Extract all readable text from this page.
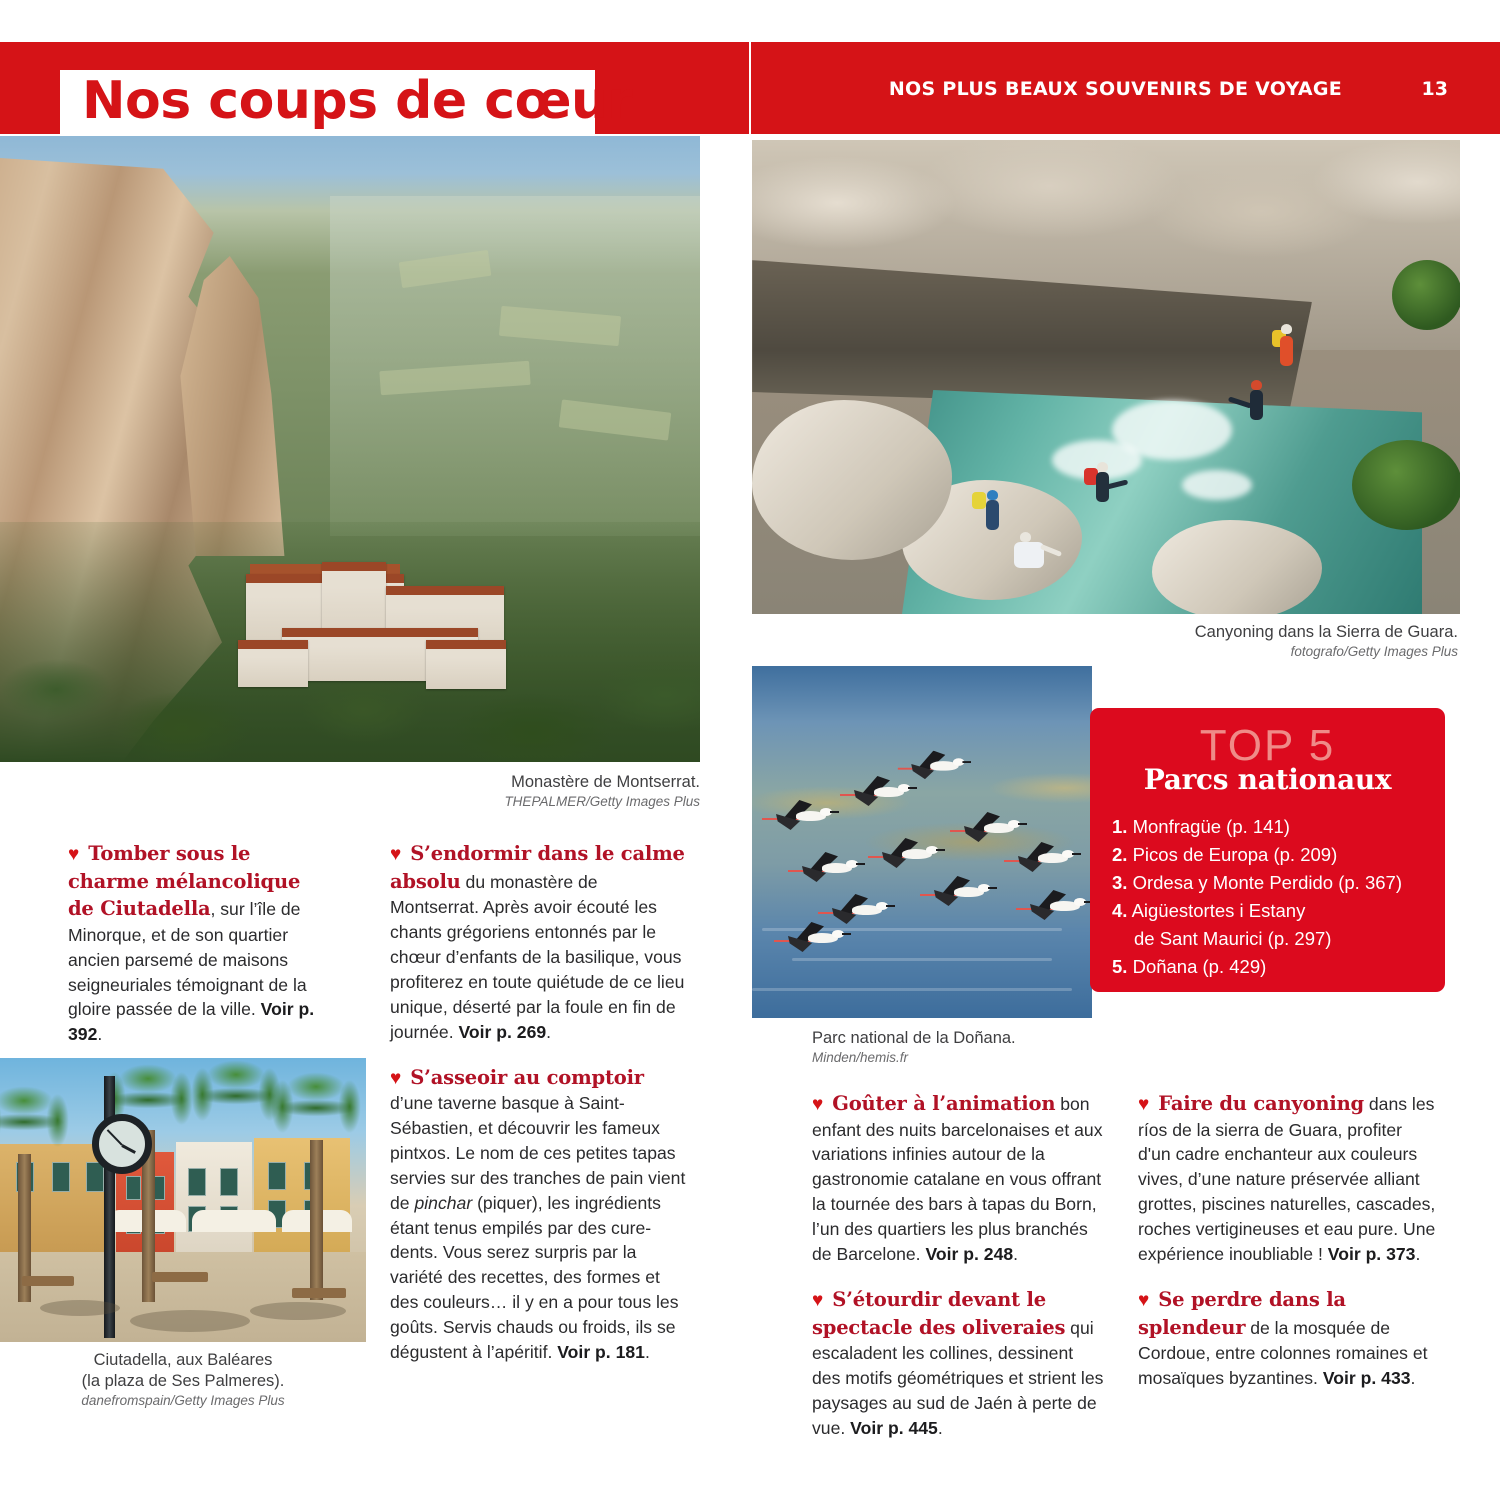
Nos coups de cœur	NOS PLUS BEAUX SOUVENIRS DE VOYAGE	13
Monastère de Montserrat.
THEPALMER/Getty Images Plus
Canyoning dans la Sierra de Guara.
fotografo/Getty Images Plus
Parc national de la Doñana.
Minden/hemis.fr
Ciutadella, aux Baléares
(la plaza de Ses Palmeres).
danefromspain/Getty Images Plus
TOP 5
Parcs nationaux
1. Monfragüe (p. 141)
2. Picos de Europa (p. 209)
3. Ordesa y Monte Perdido (p. 367)
4. Aigüestortes i Estany
de Sant Maurici (p. 297)
5. Doñana (p. 429)
♥ Tomber sous le charme mélancolique de Ciutadella, sur l’île de Minorque, et de son quartier ancien parsemé de maisons seigneuriales témoignant de la gloire passée de la ville. Voir p. 392.
♥ S’endormir dans le calme absolu du monastère de Montserrat. Après avoir écouté les chants grégoriens entonnés par le chœur d’enfants de la basilique, vous profiterez en toute quiétude de ce lieu unique, déserté par la foule en fin de journée. Voir p. 269.
♥ S’asseoir au comptoir d’une taverne basque à Saint-Sébastien, et découvrir les fameux pintxos. Le nom de ces petites tapas servies sur des tranches de pain vient de pinchar (piquer), les ingrédients étant tenus empilés par des cure-dents. Vous serez surpris par la variété des recettes, des formes et des couleurs… il y en a pour tous les goûts. Servis chauds ou froids, ils se dégustent à l’apéritif. Voir p. 181.
♥ Goûter à l’animation bon enfant des nuits barcelonaises et aux variations infinies autour de la gastronomie catalane en vous offrant la tournée des bars à tapas du Born, l’un des quartiers les plus branchés de Barcelone. Voir p. 248.
♥ S’étourdir devant le spectacle des oliveraies qui escaladent les collines, dessinent des motifs géométriques et strient les paysages au sud de Jaén à perte de vue. Voir p. 445.
♥ Faire du canyoning dans les ríos de la sierra de Guara, profiter d'un cadre enchanteur aux couleurs vives, d’une nature préservée alliant grottes, piscines naturelles, cascades, roches vertigineuses et eau pure. Une expérience inoubliable ! Voir p. 373.
♥ Se perdre dans la splendeur de la mosquée de Cordoue, entre colonnes romaines et mosaïques byzantines. Voir p. 433.
